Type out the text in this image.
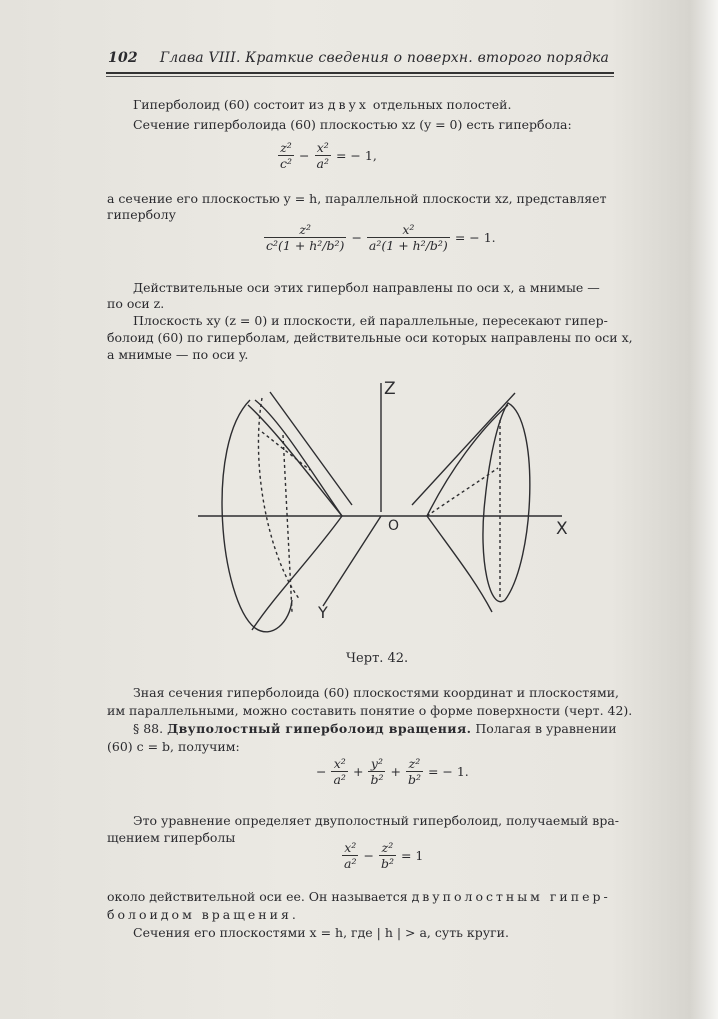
102 Глава VIII. Краткие сведения о поверхн. второго порядка
Гиперболоид (60) состоит из двух отдельных полостей.
Сечение гиперболоида (60) плоскостью xz (y = 0) есть гипербола:
$\frac{\text{z²}}{\text{c²}} - \frac{\text{x²}}{\text{a²}}$ = − 1,
а сечение его плоскостью y = h, параллельной плоскости xz, представляет
гиперболу
$\frac{\text{z²}}{\text{c²(1 + h²/b²)}} - \frac{\text{x²}}{\text{a²(1 + h²/b²)}}$ = − 1.
Действительные оси этих гипербол направлены по оси x, а мнимые —
по оси z.
Плоскость xy (z = 0) и плоскости, ей параллельные, пересекают гипер-
болоид (60) по гиперболам, действительные оси которых направлены по оси x,
а мнимые — по оси y.
Z
X
Y
O
Черт. 42.
Зная сечения гиперболоида (60) плоскостями координат и плоскостями,
им параллельными, можно составить понятие о форме поверхности (черт. 42).
§ 88. Двуполостный гиперболоид вращения. Полагая в уравнении
(60) c = b, получим:
− $\frac{\text{x²}}{\text{a²}} + \frac{\text{y²}}{\text{b²}} + \frac{\text{z²}}{\text{b²}}$ = − 1.
Это уравнение определяет двуполостный гиперболоид, получаемый вра-
щением гиперболы
$\frac{\text{x²}}{\text{a²}} - \frac{\text{z²}}{\text{b²}} = 1$
около действительной оси ее. Он называется двуполостным гипер-
болоидом вращения.
Сечения его плоскостями x = h, где | h | > a, суть круги.
